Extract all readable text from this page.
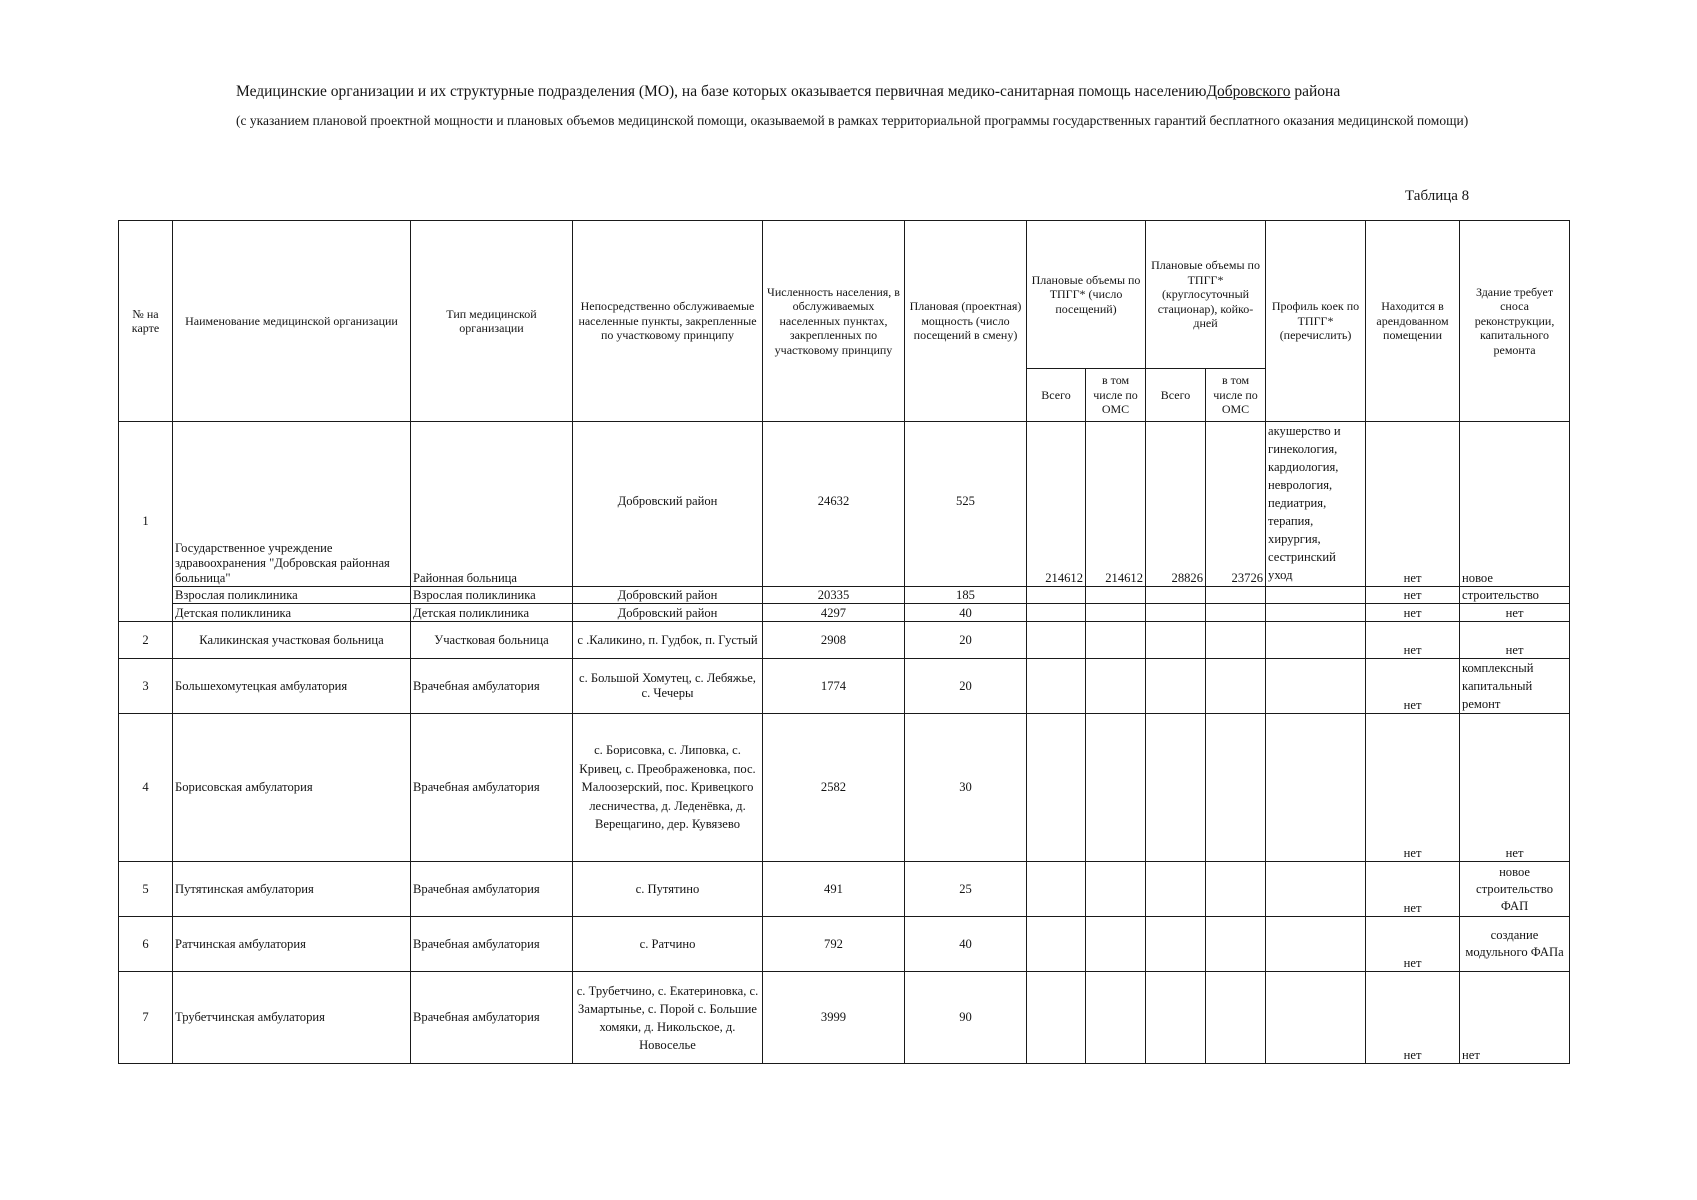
Медицинские организации и их структурные подразделения (МО), на базе которых оказывается первичная медико-санитарная помощь населениюДобровского района
(с указанием плановой проектной мощности и плановых объемов медицинской помощи, оказываемой в рамках территориальной программы государственных гарантий бесплатного оказания медицинской помощи)
Таблица 8
№ на карте	Наименование медицинской организации	Тип медицинской организации	Непосредственно обслуживаемые населенные пункты, закрепленные по участковому принципу	Численность населения, в обслуживаемых населенных пунктах, закрепленных по участковому принципу	Плановая (проектная) мощность (число посещений в смену)	Плановые объемы по ТПГГ* (число посещений)		Плановые объемы по ТПГГ* (круглосуточный стационар), койко-дней		Профиль коек по ТПГГ* (перечислить)	Находится в арендованном помещении	Здание требует сноса реконструкции, капитального ремонта
						Всего	в том числе по ОМС	Всего	в том числе по ОМС			
1	Государственное учреждение здравоохранения "Добровская районная больница"	Районная больница	Добровский район	24632	525	214612	214612	28826	23726	акушерство и гинекология, кардиология, неврология, педиатрия, терапия, хирургия, сестринский уход	нет	новое
	Взрослая поликлиника	Взрослая поликлиника	Добровский район	20335	185						нет	строительство
	Детская поликлиника	Детская поликлиника	Добровский район	4297	40						нет	нет
2	Каликинская участковая больница	Участковая больница	с .Каликино, п. Гудбок, п. Густый	2908	20						нет	нет
3	Большехомутецкая амбулатория	Врачебная амбулатория	с. Большой Хомутец, с. Лебяжье, с. Чечеры	1774	20						нет	комплексный капитальный ремонт
4	Борисовская амбулатория	Врачебная амбулатория	с. Борисовка, с. Липовка, с. Кривец, с. Преображеновка, пос. Малоозерский, пос. Кривецкого лесничества, д. Леденёвка, д. Верещагино, дер. Кувязево	2582	30						нет	нет
5	Путятинская амбулатория	Врачебная амбулатория	с. Путятино	491	25						нет	новое строительство ФАП
6	Ратчинская амбулатория	Врачебная амбулатория	с. Ратчино	792	40						нет	создание модульного ФАПа
7	Трубетчинская амбулатория	Врачебная амбулатория	с. Трубетчино, с. Екатериновка, с. Замартынье, с. Порой с. Большие хомяки, д. Никольское, д. Новоселье	3999	90						нет	нет
